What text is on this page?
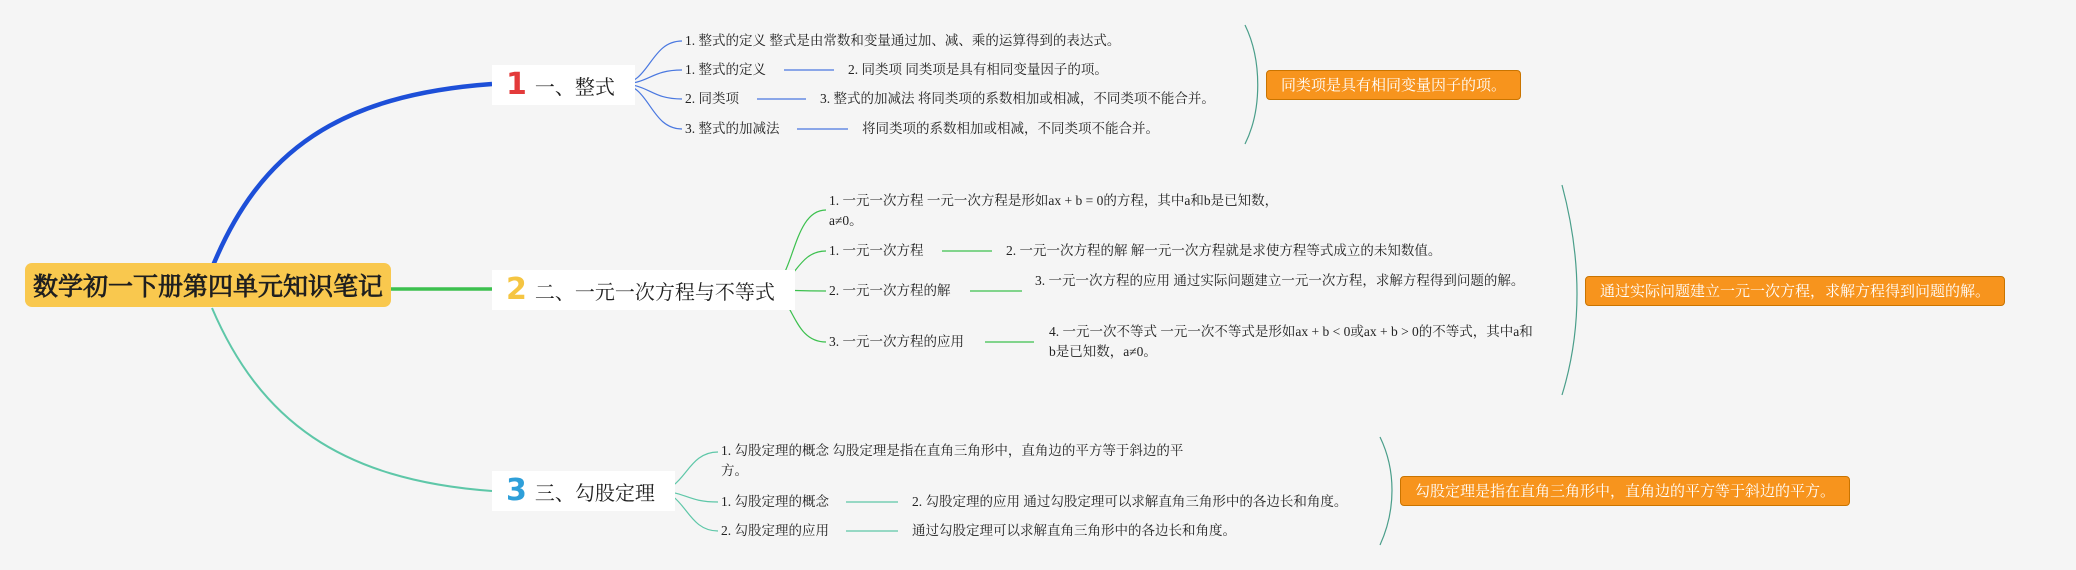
数学初一下册第四单元知识笔记
1 一、整式
1. 整式的定义 整式是由常数和变量通过加、减、乘的运算得到的表达式。
1. 整式的定义
2. 同类项
3. 整式的加减法
2. 同类项 同类项是具有相同变量因子的项。
3. 整式的加减法 将同类项的系数相加或相减，不同类项不能合并。
将同类项的系数相加或相减，不同类项不能合并。
同类项是具有相同变量因子的项。
2 二、一元一次方程与不等式
1. 一元一次方程 一元一次方程是形如ax + b = 0的方程，其中a和b是已知数，a≠0。
1. 一元一次方程
2. 一元一次方程的解
3. 一元一次方程的应用
2. 一元一次方程的解 解一元一次方程就是求使方程等式成立的未知数值。
3. 一元一次方程的应用 通过实际问题建立一元一次方程，求解方程得到问题的解。
4. 一元一次不等式 一元一次不等式是形如ax + b < 0或ax + b > 0的不等式，其中a和b是已知数，a≠0。
通过实际问题建立一元一次方程，求解方程得到问题的解。
3 三、勾股定理
1. 勾股定理的概念 勾股定理是指在直角三角形中，直角边的平方等于斜边的平方。
1. 勾股定理的概念
2. 勾股定理的应用
2. 勾股定理的应用 通过勾股定理可以求解直角三角形中的各边长和角度。
通过勾股定理可以求解直角三角形中的各边长和角度。
勾股定理是指在直角三角形中，直角边的平方等于斜边的平方。
